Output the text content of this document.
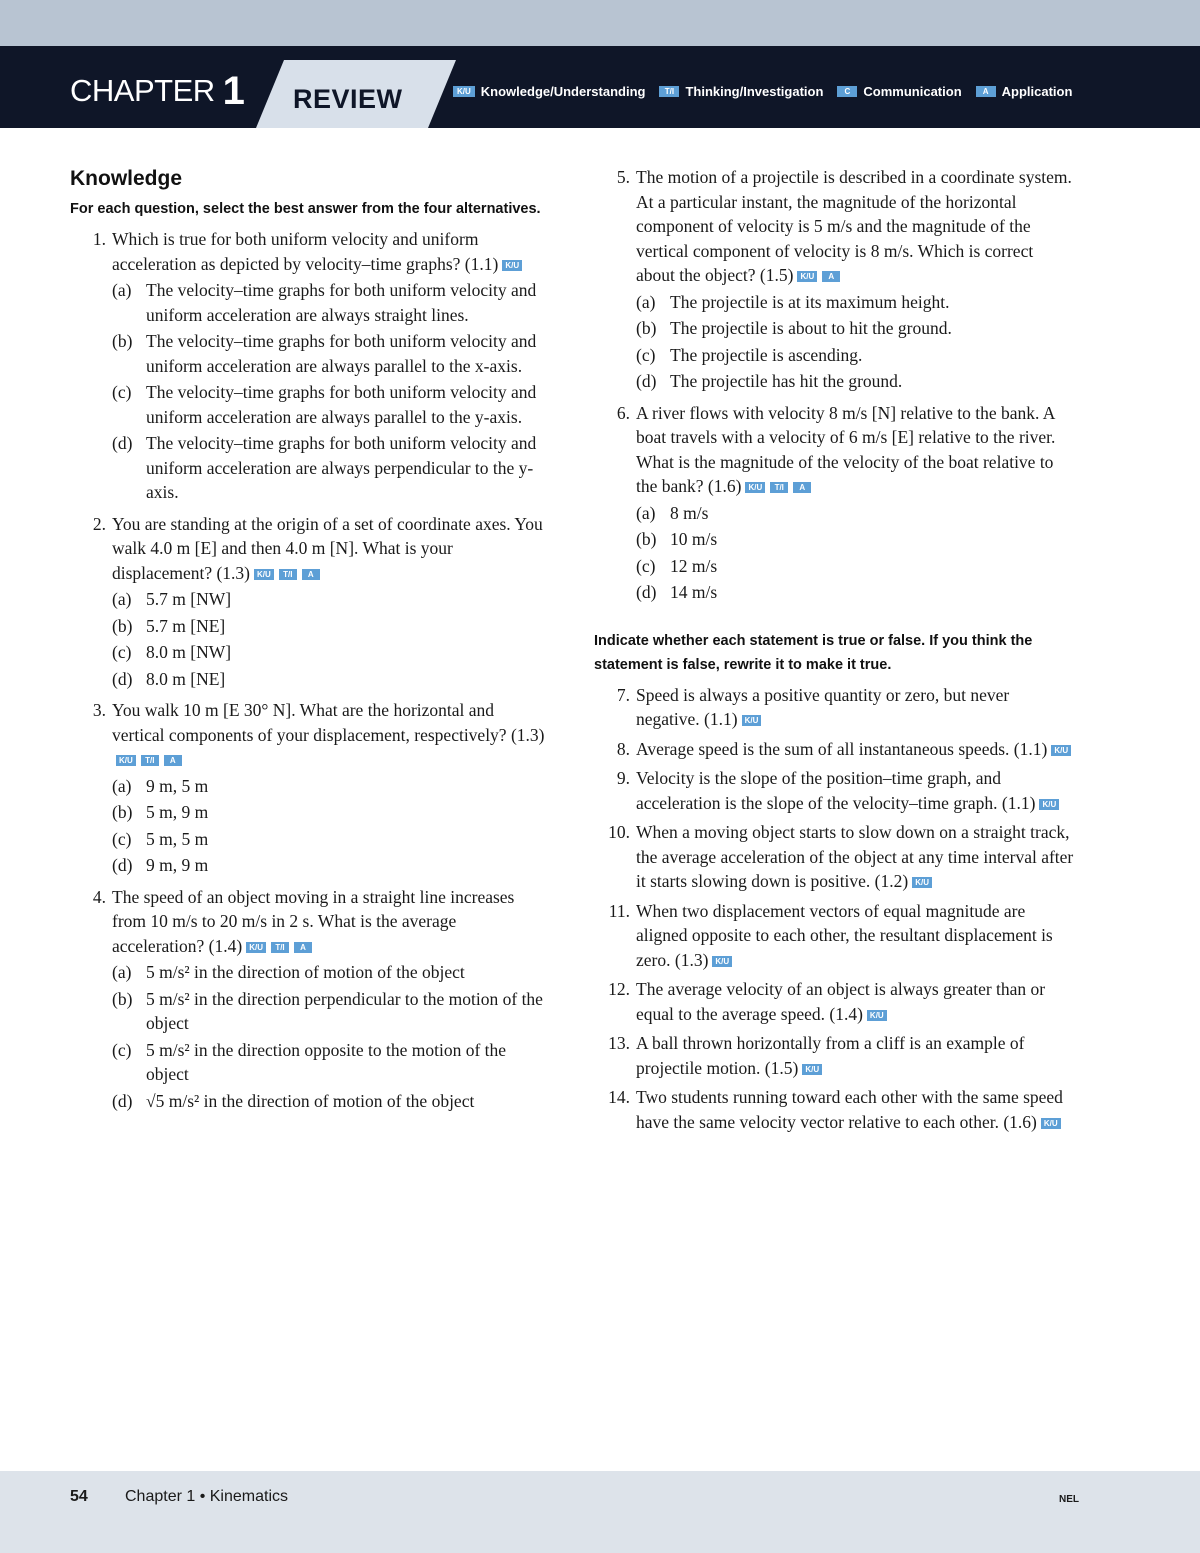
CHAPTER 1 REVIEW	K/U Knowledge/Understanding	T/I Thinking/Investigation	C	Communication	A	Application
Knowledge
For each question, select the best answer from the four alternatives.
1. Which is true for both uniform velocity and uniform acceleration as depicted by velocity–time graphs? (1.1) K/U
(a) The velocity–time graphs for both uniform velocity and uniform acceleration are always straight lines.
(b) The velocity–time graphs for both uniform velocity and uniform acceleration are always parallel to the x-axis.
(c) The velocity–time graphs for both uniform velocity and uniform acceleration are always parallel to the y-axis.
(d) The velocity–time graphs for both uniform velocity and uniform acceleration are always perpendicular to the y-axis.
2. You are standing at the origin of a set of coordinate axes. You walk 4.0 m [E] and then 4.0 m [N]. What is your displacement? (1.3) K/U T/I A
(a) 5.7 m [NW]
(b) 5.7 m [NE]
(c) 8.0 m [NW]
(d) 8.0 m [NE]
3. You walk 10 m [E 30° N]. What are the horizontal and vertical components of your displacement, respectively? (1.3)K/U T/I A
(a) 9 m, 5 m
(b) 5 m, 9 m
(c) 5 m, 5 m
(d) 9 m, 9 m
4. The speed of an object moving in a straight line increases from 10 m/s to 20 m/s in 2 s. What is the average acceleration? (1.4) K/U T/I A
(a) 5 m/s² in the direction of motion of the object
(b) 5 m/s² in the direction perpendicular to the motion of the object
(c) 5 m/s² in the direction opposite to the motion of the object
(d) √5 m/s² in the direction of motion of the object
5. The motion of a projectile is described in a coordinate system. At a particular instant, the magnitude of the horizontal component of velocity is 5 m/s and the magnitude of the vertical component of velocity is 8 m/s. Which is correct about the object? (1.5) K/U A
(a) The projectile is at its maximum height.
(b) The projectile is about to hit the ground.
(c) The projectile is ascending.
(d) The projectile has hit the ground.
6. A river flows with velocity 8 m/s [N] relative to the bank. A boat travels with a velocity of 6 m/s [E] relative to the river. What is the magnitude of the velocity of the boat relative to the bank? (1.6) K/U T/I A
(a) 8 m/s
(b) 10 m/s
(c) 12 m/s
(d) 14 m/s
Indicate whether each statement is true or false. If you think the statement is false, rewrite it to make it true.
7. Speed is always a positive quantity or zero, but never negative. (1.1) K/U
8. Average speed is the sum of all instantaneous speeds. (1.1) K/U
9. Velocity is the slope of the position–time graph, and acceleration is the slope of the velocity–time graph. (1.1) K/U
10. When a moving object starts to slow down on a straight track, the average acceleration of the object at any time interval after it starts slowing down is positive. (1.2) K/U
11. When two displacement vectors of equal magnitude are aligned opposite to each other, the resultant displacement is zero. (1.3) K/U
12. The average velocity of an object is always greater than or equal to the average speed. (1.4) K/U
13. A ball thrown horizontally from a cliff is an example of projectile motion. (1.5) K/U
14. Two students running toward each other with the same speed have the same velocity vector relative to each other. (1.6) K/U
54 Chapter 1 • Kinematics	NEL
